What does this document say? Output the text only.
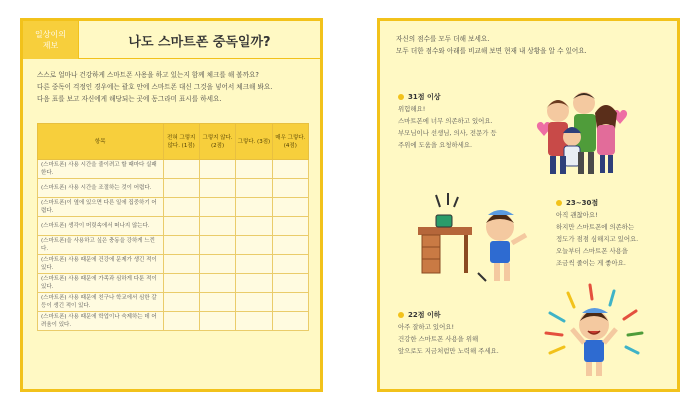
일상이의
제보	나도 스마트폰 중독일까?
스스로 얼마나 건강하게 스마트폰 사용을 하고 있는지 함께 체크를 해 볼까요?
다른 중독이 걱정인 경우에는 괄호 안에 스마트폰 대신 그것을 넣어서 체크해 봐요.
다음 표를 보고 자신에게 해당되는 곳에 동그라미 표시를 하세요.
항목	전혀 그렇지 않다. (1점)	그렇지 않다. (2점)	그렇다. (3점)	매우 그렇다. (4점)
(스마트폰) 사용 시간을 줄이려고 할 때마다 실패한다.				
(스마트폰) 사용 시간을 조절하는 것이 어렵다.				
(스마트폰)이 옆에 있으면 다른 일에 집중하기 어렵다.				
(스마트폰) 생각이 머릿속에서 떠나지 않는다.				
(스마트폰)을 사용하고 싶은 충동을 강하게 느낀다.				
(스마트폰) 사용 때문에 건강에 문제가 생긴 적이 있다.				
(스마트폰) 사용 때문에 가족과 심하게 다툰 적이 있다.				
(스마트폰) 사용 때문에 친구나 학교에서 심한 갈등이 생긴 적이 있다.				
(스마트폰) 사용 때문에 학업이나 숙제하는 데 어려움이 있다.				
자신의 점수를 모두 더해 보세요.
모두 더한 점수와 아래를 비교해 보면 현재 내 상황을 알 수 있어요.
31점 이상
위험해요!
스마트폰에 너무 의존하고 있어요.
부모님이나 선생님, 의사, 전문가 등
주위에 도움을 요청하세요.
23~30점
아직 괜찮아요!
하지만 스마트폰에 의존하는
정도가 점점 심해지고 있어요.
오늘부터 스마트폰 사용을
조금씩 줄이는 게 좋아요.
22점 이하
아주 잘하고 있어요!
건강한 스마트폰 사용을 위해
앞으로도 지금처럼만 노력해 주세요.
